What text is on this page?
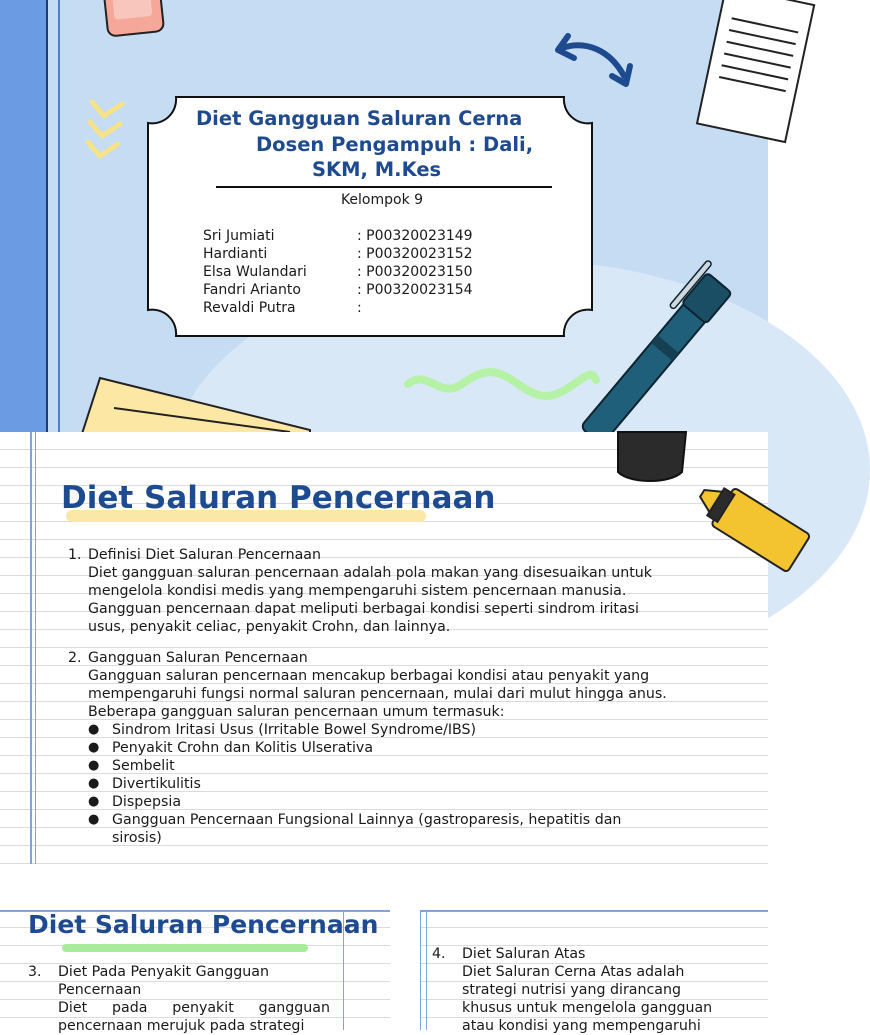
Diet Gangguan Saluran Cerna
Dosen Pengampuh : Dali,
SKM, M.Kes
Kelompok 9
Sri Jumiati	: P00320023149
Hardianti	: P00320023152
Elsa Wulandari	: P00320023150
Fandri Arianto	: P00320023154
Revaldi Putra	:
Diet Saluran Pencernaan
1. Definisi Diet Saluran Pencernaan
Diet gangguan saluran pencernaan adalah pola makan yang disesuaikan untuk
mengelola kondisi medis yang mempengaruhi sistem pencernaan manusia.
Gangguan pencernaan dapat meliputi berbagai kondisi seperti sindrom iritasi
usus, penyakit celiac, penyakit Crohn, dan lainnya.
2. Gangguan Saluran Pencernaan
Gangguan saluran pencernaan mencakup berbagai kondisi atau penyakit yang
mempengaruhi fungsi normal saluran pencernaan, mulai dari mulut hingga anus.
Beberapa gangguan saluran pencernaan umum termasuk:
● Sindrom Iritasi Usus (Irritable Bowel Syndrome/IBS)
● Penyakit Crohn dan Kolitis Ulserativa
● Sembelit
● Divertikulitis
● Dispepsia
● Gangguan Pencernaan Fungsional Lainnya (gastroparesis, hepatitis dan
sirosis)
Diet Saluran Pencernaan
3.	Diet Pada Penyakit Gangguan
Pencernaan
Diet pada penyakit gangguan
pencernaan merujuk pada strategi
4.	Diet Saluran Atas
Diet Saluran Cerna Atas adalah
strategi nutrisi yang dirancang
khusus untuk mengelola gangguan
atau kondisi yang mempengaruhi
